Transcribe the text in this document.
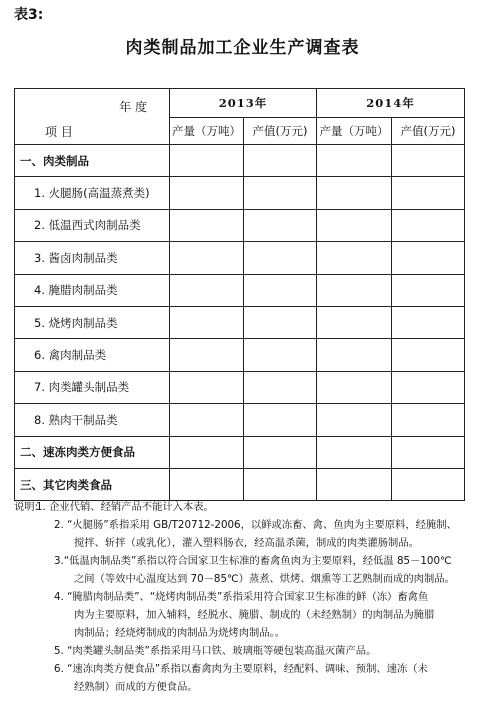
表3:
肉类制品加工企业生产调查表
年 度
项 目	2013年		2014年	
	产量（万吨）	产值(万元)	产量（万吨）	产值(万元)
一、肉类制品				
1. 火腿肠(高温蒸煮类)				
2. 低温西式肉制品类				
3. 酱卤肉制品类				
4. 腌腊肉制品类				
5. 烧烤肉制品类				
6. 禽肉制品类				
7. 肉类罐头制品类				
8. 熟肉干制品类				
二、速冻肉类方便食品				
三、其它肉类食品				
说明:1. 企业代销、经销产品不能计入本表。
2. “火腿肠”系指采用 GB/T20712-2006，以鲜或冻畜、禽、鱼肉为主要原料，经腌制、
搅拌、斩拌（或乳化），灌入塑料肠衣，经高温杀菌，制成的肉类灌肠制品。
3.“低温肉制品类”系指以符合国家卫生标准的畜禽鱼肉为主要原料，经低温 85－100℃
之间（等效中心温度达到 70－85℃）蒸煮、烘烤、烟熏等工艺熟制而成的肉制品。
4. “腌腊肉制品类”、“烧烤肉制品类”系指采用符合国家卫生标准的鲜（冻）畜禽鱼
肉为主要原料，加入辅料，经脱水、腌腊、制成的（未经熟制）的肉制品为腌腊
肉制品；经烧烤制成的肉制品为烧烤肉制品。。
5. “肉类罐头制品类”系指采用马口铁、玻璃瓶等硬包装高温灭菌产品。
6. “速冻肉类方便食品”系指以畜禽肉为主要原料，经配料、调味、预制、速冻（未
经熟制）而成的方便食品。
